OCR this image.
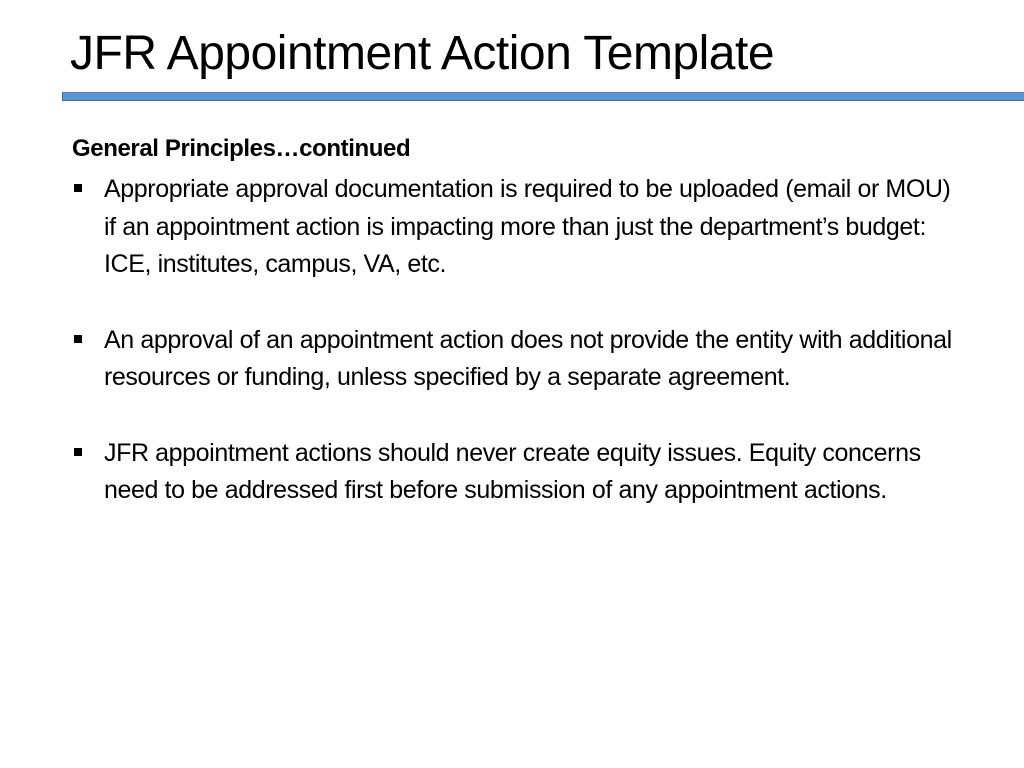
JFR Appointment Action Template

General Principles…continued

Appropriate approval documentation is required to be uploaded (email or MOU) if an appointment action is impacting more than just the department’s budget: ICE, institutes, campus, VA, etc.
An approval of an appointment action does not provide the entity with additional resources or funding, unless specified by a separate agreement.
JFR appointment actions should never create equity issues. Equity concerns need to be addressed first before submission of any appointment actions.
